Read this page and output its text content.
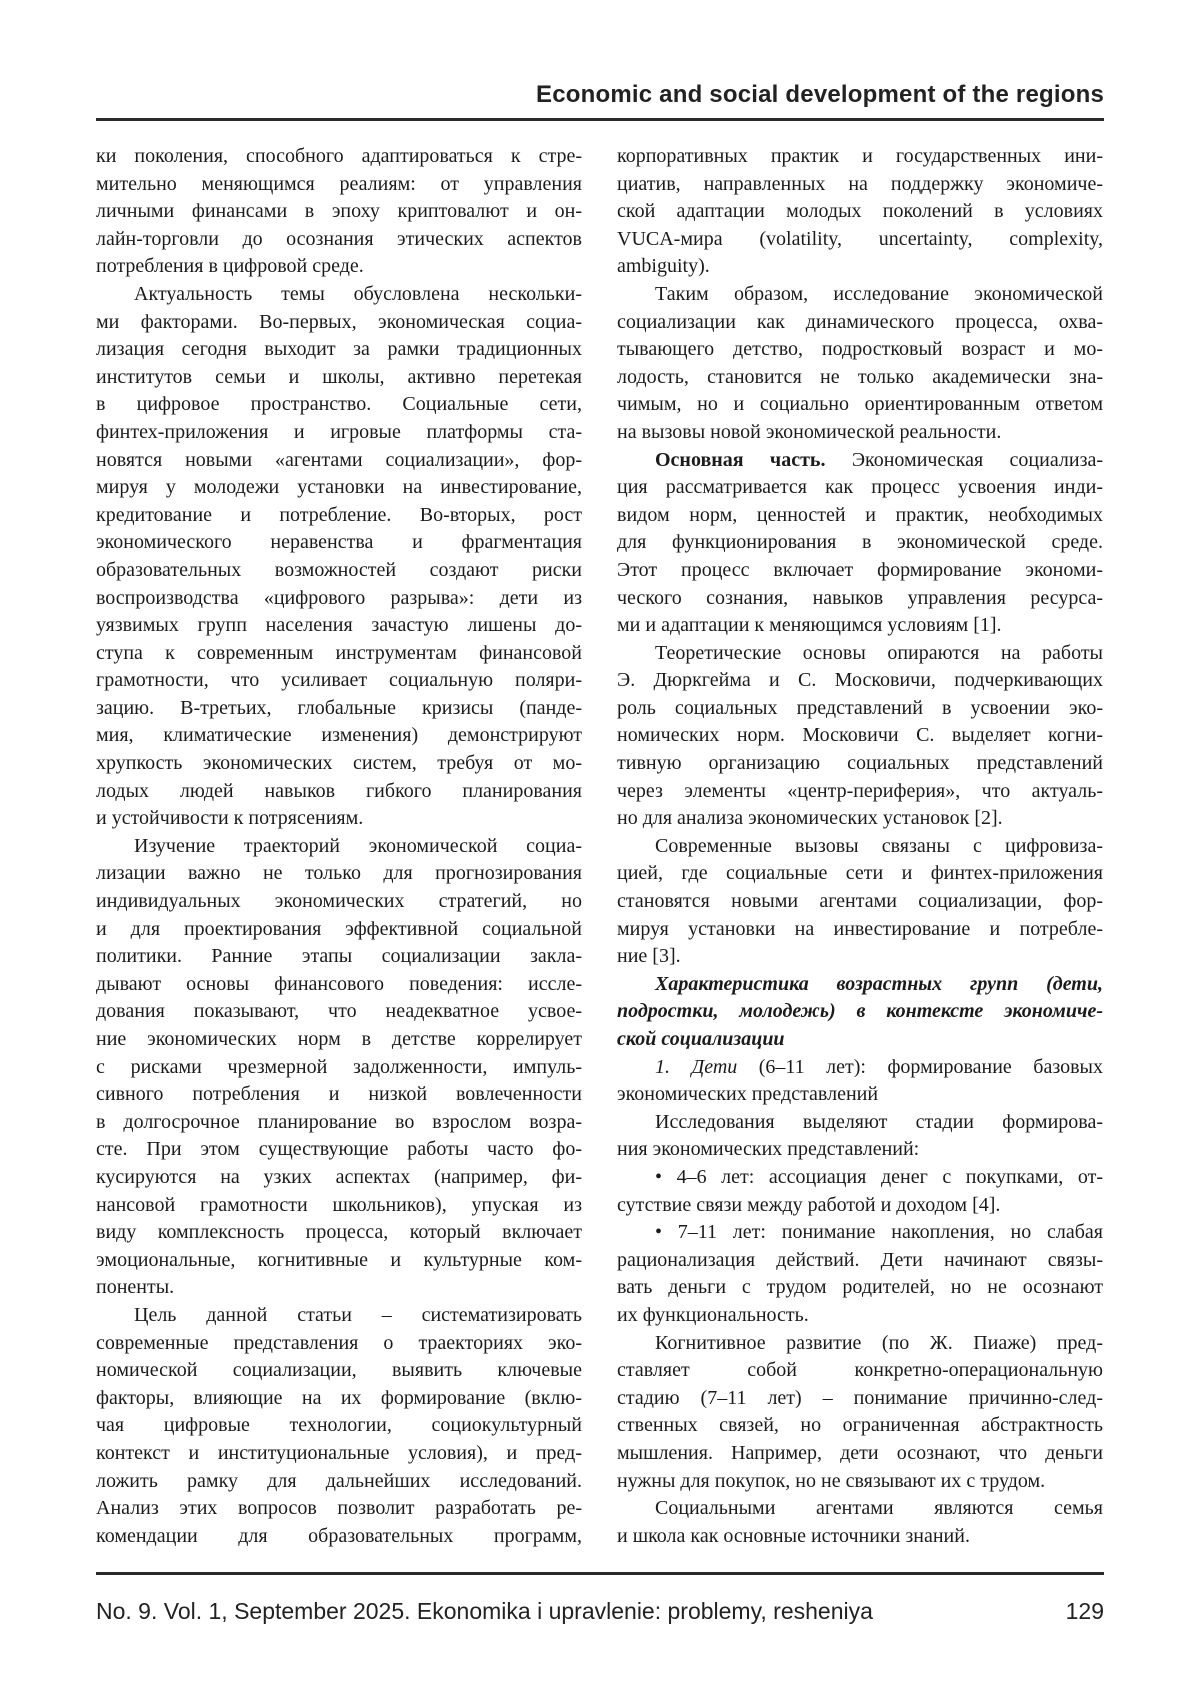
Economic and social development of the regions
ки поколения, способного адаптироваться к стре-
мительно меняющимся реалиям: от управления
личными финансами в эпоху криптовалют и он-
лайн-торговли до осознания этических аспектов
потребления в цифровой среде.
Актуальность темы обусловлена нескольки-
ми факторами. Во-первых, экономическая социа-
лизация сегодня выходит за рамки традиционных
институтов семьи и школы, активно перетекая
в цифровое пространство. Социальные сети,
финтех-приложения и игровые платформы ста-
новятся новыми «агентами социализации», фор-
мируя у молодежи установки на инвестирование,
кредитование и потребление. Во-вторых, рост
экономического неравенства и фрагментация
образовательных возможностей создают риски
воспроизводства «цифрового разрыва»: дети из
уязвимых групп населения зачастую лишены до-
ступа к современным инструментам финансовой
грамотности, что усиливает социальную поляри-
зацию. В-третьих, глобальные кризисы (панде-
мия, климатические изменения) демонстрируют
хрупкость экономических систем, требуя от мо-
лодых людей навыков гибкого планирования
и устойчивости к потрясениям.
Изучение траекторий экономической социа-
лизации важно не только для прогнозирования
индивидуальных экономических стратегий, но
и для проектирования эффективной социальной
политики. Ранние этапы социализации закла-
дывают основы финансового поведения: иссле-
дования показывают, что неадекватное усвое-
ние экономических норм в детстве коррелирует
с рисками чрезмерной задолженности, импуль-
сивного потребления и низкой вовлеченности
в долгосрочное планирование во взрослом возра-
сте. При этом существующие работы часто фо-
кусируются на узких аспектах (например, фи-
нансовой грамотности школьников), упуская из
виду комплексность процесса, который включает
эмоциональные, когнитивные и культурные ком-
поненты.
Цель данной статьи – систематизировать
современные представления о траекториях эко-
номической социализации, выявить ключевые
факторы, влияющие на их формирование (вклю-
чая цифровые технологии, социокультурный
контекст и институциональные условия), и пред-
ложить рамку для дальнейших исследований.
Анализ этих вопросов позволит разработать ре-
комендации для образовательных программ,
корпоративных практик и государственных ини-
циатив, направленных на поддержку экономиче-
ской адаптации молодых поколений в условиях
VUCA-мира (volatility, uncertainty, complexity,
ambiguity).
Таким образом, исследование экономической
социализации как динамического процесса, охва-
тывающего детство, подростковый возраст и мо-
лодость, становится не только академически зна-
чимым, но и социально ориентированным ответом
на вызовы новой экономической реальности.
Основная часть. Экономическая социализа-
ция рассматривается как процесс усвоения инди-
видом норм, ценностей и практик, необходимых
для функционирования в экономической среде.
Этот процесс включает формирование экономи-
ческого сознания, навыков управления ресурса-
ми и адаптации к меняющимся условиям [1].
Теоретические основы опираются на работы
Э. Дюркгейма и С. Московичи, подчеркивающих
роль социальных представлений в усвоении эко-
номических норм. Московичи С. выделяет когни-
тивную организацию социальных представлений
через элементы «центр-периферия», что актуаль-
но для анализа экономических установок [2].
Современные вызовы связаны с цифровиза-
цией, где социальные сети и финтех-приложения
становятся новыми агентами социализации, фор-
мируя установки на инвестирование и потребле-
ние [3].
Характеристика возрастных групп (дети,
подростки, молодежь) в контексте экономиче-
ской социализации
1. Дети (6–11 лет): формирование базовых
экономических представлений
Исследования выделяют стадии формирова-
ния экономических представлений:
• 4–6 лет: ассоциация денег с покупками, от-
сутствие связи между работой и доходом [4].
• 7–11 лет: понимание накопления, но слабая
рационализация действий. Дети начинают связы-
вать деньги с трудом родителей, но не осознают
их функциональность.
Когнитивное развитие (по Ж. Пиаже) пред-
ставляет собой конкретно-операциональную
стадию (7–11 лет) – понимание причинно-след-
ственных связей, но ограниченная абстрактность
мышления. Например, дети осознают, что деньги
нужны для покупок, но не связывают их с трудом.
Социальными агентами являются семья
и школа как основные источники знаний.
No. 9. Vol. 1, September 2025. Ekonomika i upravlenie: problemy, resheniya	129
